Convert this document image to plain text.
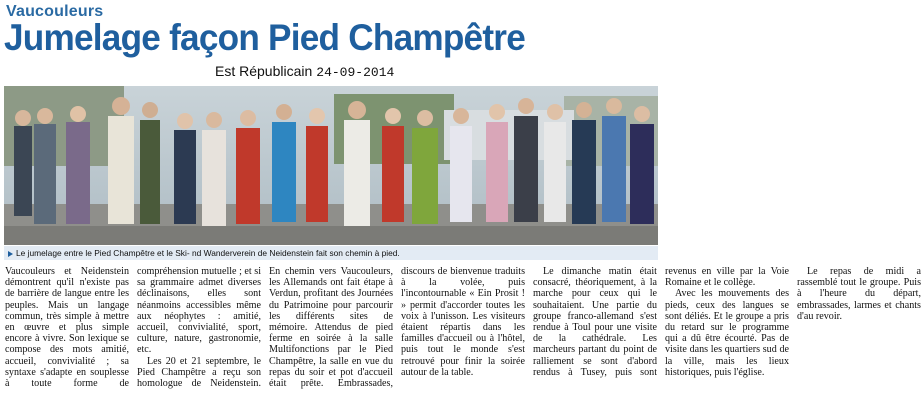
Vaucouleurs
Jumelage façon Pied Champêtre
Est Républicain 24-09-2014
Le jumelage entre le Pied Champêtre et le Ski- nd Wanderverein de Neidenstein fait son chemin à pied.

Vaucouleurs et Neidenstein démontrent qu'il n'existe pas de barrière de langue entre les peuples. Mais un langage commun, très simple à mettre en œuvre et plus simple encore à vivre. Son lexique se compose des mots amitié, accueil, convivialité ; sa syntaxe s'adapte en souplesse à toute forme de compréhension mutuelle ; et si sa grammaire admet diverses déclinaisons, elles sont néanmoins accessibles même aux néophytes : amitié, accueil, convivialité, sport, culture, nature, gastronomie, etc.

Les 20 et 21 septembre, le Pied Champêtre a reçu son homologue de Neidenstein. En chemin vers Vaucouleurs, les Allemands ont fait étape à Verdun, profitant des Journées du Patrimoine pour parcourir les différents sites de mémoire. Attendus de pied ferme en soirée à la salle Multifonctions par le Pied Champêtre, la salle en vue du repas du soir et pot d'accueil était prête. Embrassades, discours de bienvenue traduits à la volée, puis l'incontournable « Ein Prosit ! » permit d'accorder toutes les voix à l'unisson. Les visiteurs étaient répartis dans les familles d'accueil ou à l'hôtel, puis tout le monde s'est retrouvé pour finir la soirée autour de la table.

Le dimanche matin était consacré, théoriquement, à la marche pour ceux qui le souhaitaient. Une partie du groupe franco-allemand s'est rendue à Toul pour une visite de la cathédrale. Les marcheurs partant du point de ralliement se sont d'abord rendus à Tusey, puis sont revenus en ville par la Voie Romaine et le collège.

Avec les mouvements des pieds, ceux des langues se sont déliés. Et le groupe a pris du retard sur le programme qui a dû être écourté. Pas de visite dans les quartiers sud de la ville, mais les lieux historiques, puis l'église.

Le repas de midi a rassemblé tout le groupe. Puis à l'heure du départ, embrassades, larmes et chants d'au revoir.
